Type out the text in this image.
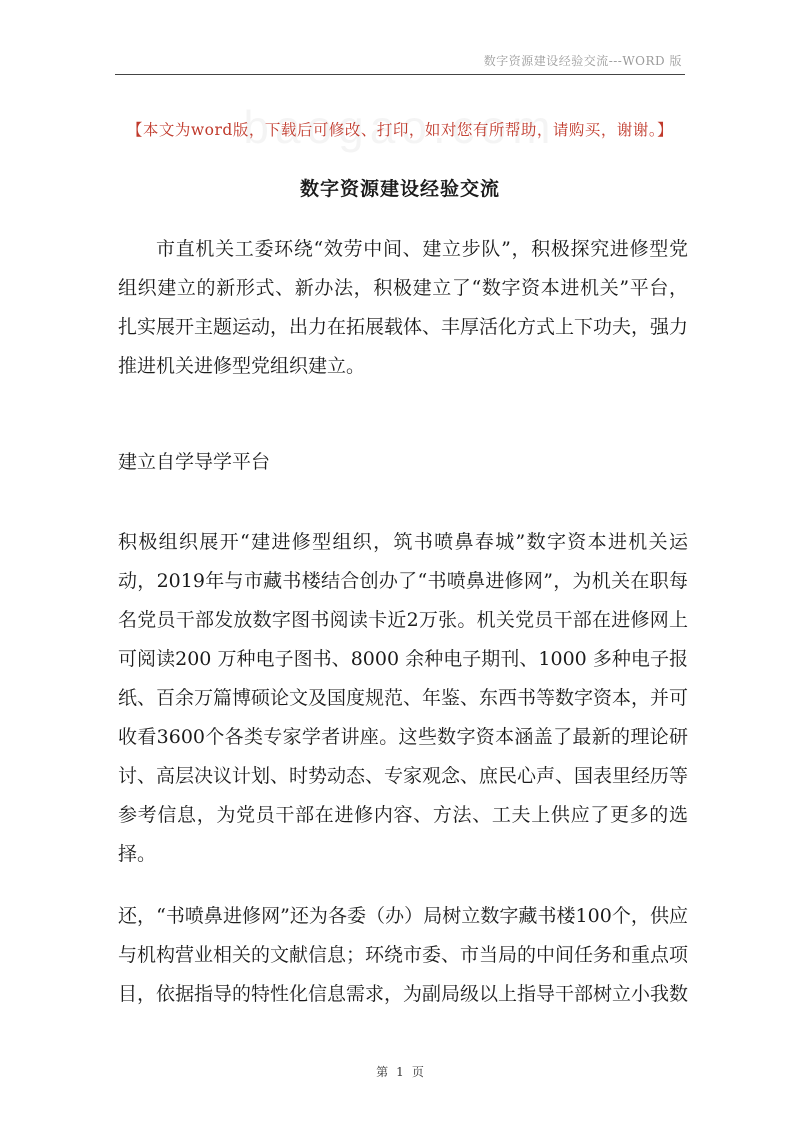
数字资源建设经验交流---WORD 版
【本文为word版，下载后可修改、打印，如对您有所帮助，请购买，谢谢。】
数字资源建设经验交流

市直机关工委环绕“效劳中间、建立步队”，积极探究进修型党组织建立的新形式、新办法，积极建立了“数字资本进机关”平台，扎实展开主题运动，出力在拓展载体、丰厚活化方式上下功夫，强力推进机关进修型党组织建立。

建立自学导学平台

积极组织展开“建进修型组织，筑书喷鼻春城”数字资本进机关运动，2019年与市藏书楼结合创办了“书喷鼻进修网”，为机关在职每名党员干部发放数字图书阅读卡近2万张。机关党员干部在进修网上可阅读200 万种电子图书、8000 余种电子期刊、1000 多种电子报纸、百余万篇博硕论文及国度规范、年鉴、东西书等数字资本，并可收看3600个各类专家学者讲座。这些数字资本涵盖了最新的理论研讨、高层决议计划、时势动态、专家观念、庶民心声、国表里经历等参考信息，为党员干部在进修内容、方法、工夫上供应了更多的选择。

还，“书喷鼻进修网”还为各委（办）局树立数字藏书楼100个，供应与机构营业相关的文献信息；环绕市委、市当局的中间任务和重点项目，依据指导的特性化信息需求，为副局级以上指导干部树立小我数

第 1 页
